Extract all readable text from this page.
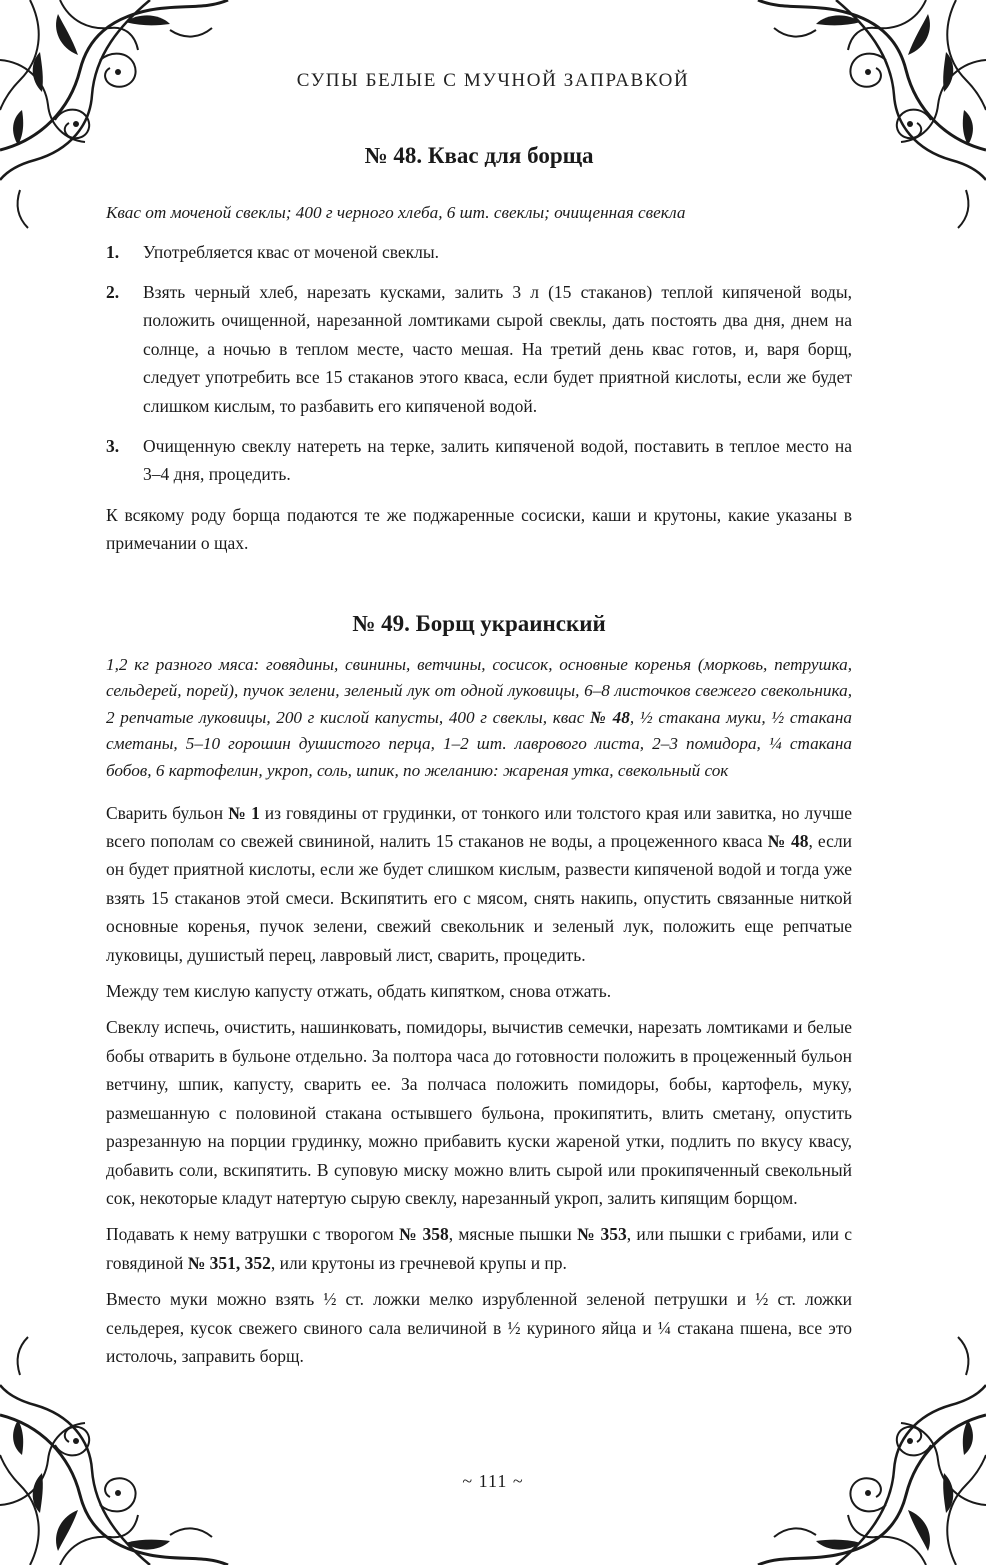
СУПЫ БЕЛЫЕ С МУЧНОЙ ЗАПРАВКОЙ
№ 48. Квас для борща

Квас от моченой свеклы; 400 г черного хлеба, 6 шт. свеклы; очищенная свекла

1. Употребляется квас от моченой свеклы.

2. Взять черный хлеб, нарезать кусками, залить 3 л (15 стаканов) теплой кипяченой воды, положить очищенной, нарезанной ломтиками сырой свеклы, дать постоять два дня, днем на солнце, а ночью в теплом месте, часто мешая. На третий день квас готов, и, варя борщ, следует употребить все 15 стаканов этого кваса, если будет приятной кислоты, если же будет слишком кислым, то разбавить его кипяченой водой.

3. Очищенную свеклу натереть на терке, залить кипяченой водой, поставить в теплое место на 3–4 дня, процедить.

К всякому роду борща подаются те же поджаренные сосиски, каши и крутоны, какие указаны в примечании о щах.

№ 49. Борщ украинский

1,2 кг разного мяса: говядины, свинины, ветчины, сосисок, основные коренья (морковь, петрушка, сельдерей, порей), пучок зелени, зеленый лук от одной луковицы, 6–8 листочков свежего свекольника, 2 репчатые луковицы, 200 г кислой капусты, 400 г свеклы, квас № 48, ½ стакана муки, ½ стакана сметаны, 5–10 горошин душистого перца, 1–2 шт. лаврового листа, 2–3 помидора, ¼ стакана бобов, 6 картофелин, укроп, соль, шпик, по желанию: жареная утка, свекольный сок

Сварить бульон № 1 из говядины от грудинки, от тонкого или толстого края или завитка, но лучше всего пополам со свежей свининой, налить 15 стаканов не воды, а процеженного кваса № 48, если он будет приятной кислоты, если же будет слишком кислым, развести кипяченой водой и тогда уже взять 15 стаканов этой смеси. Вскипятить его с мясом, снять накипь, опустить связанные ниткой основные коренья, пучок зелени, свежий свекольник и зеленый лук, положить еще репчатые луковицы, душистый перец, лавровый лист, сварить, процедить.

Между тем кислую капусту отжать, обдать кипятком, снова отжать.

Свеклу испечь, очистить, нашинковать, помидоры, вычистив семечки, нарезать ломтиками и белые бобы отварить в бульоне отдельно. За полтора часа до готовности положить в процеженный бульон ветчину, шпик, капусту, сварить ее. За полчаса положить помидоры, бобы, картофель, муку, размешанную с половиной стакана остывшего бульона, прокипятить, влить сметану, опустить разрезанную на порции грудинку, можно прибавить куски жареной утки, подлить по вкусу квасу, добавить соли, вскипятить. В суповую миску можно влить сырой или прокипяченный свекольный сок, некоторые кладут натертую сырую свеклу, нарезанный укроп, залить кипящим борщом.

Подавать к нему ватрушки с творогом № 358, мясные пышки № 353, или пышки с грибами, или с говядиной № 351, 352, или крутоны из гречневой крупы и пр.

Вместо муки можно взять ½ ст. ложки мелко изрубленной зеленой петрушки и ½ ст. ложки сельдерея, кусок свежего свиного сала величиной в ½ куриного яйца и ¼ стакана пшена, все это истолочь, заправить борщ.

~ 111 ~
